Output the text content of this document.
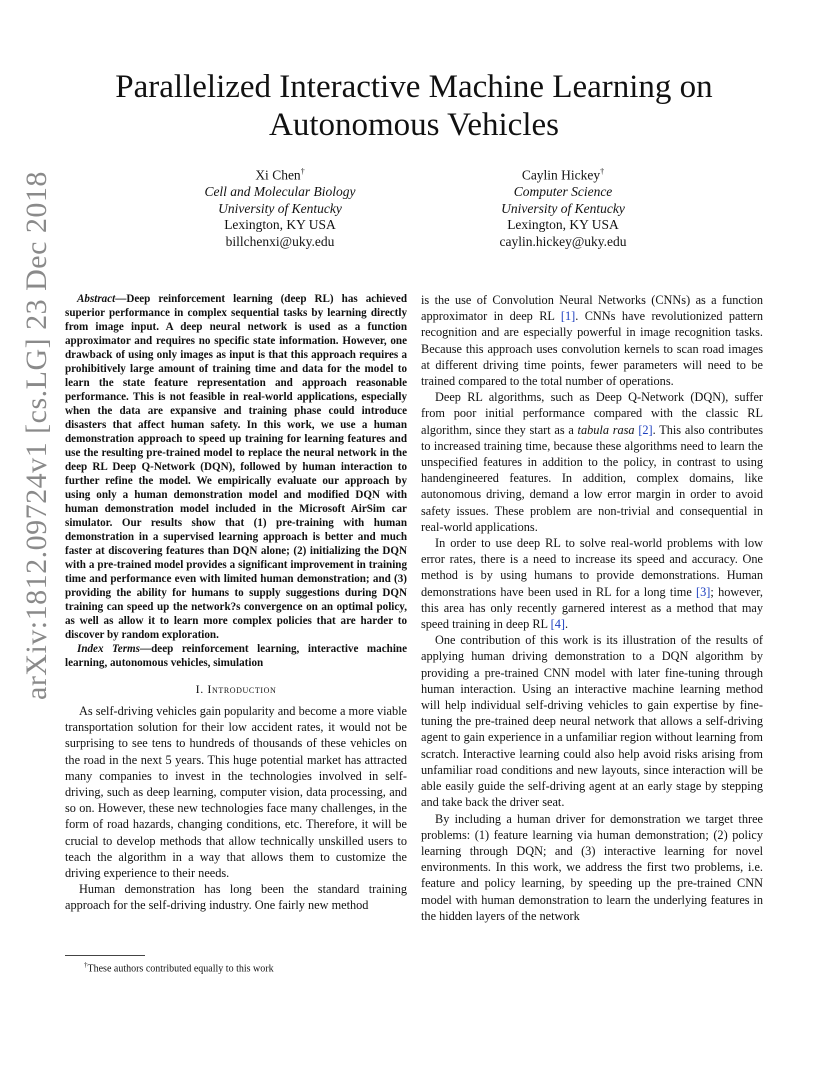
arXiv:1812.09724v1 [cs.LG] 23 Dec 2018
Parallelized Interactive Machine Learning on
Autonomous Vehicles
Xi Chen†
Cell and Molecular Biology
University of Kentucky
Lexington, KY USA
billchenxi@uky.edu
Caylin Hickey†
Computer Science
University of Kentucky
Lexington, KY USA
caylin.hickey@uky.edu

Abstract—Deep reinforcement learning (deep RL) has achieved superior performance in complex sequential tasks by learning directly from image input. A deep neural network is used as a function approximator and requires no specific state information. However, one drawback of using only images as input is that this approach requires a prohibitively large amount of training time and data for the model to learn the state feature representation and approach reasonable performance. This is not feasible in real-world applications, especially when the data are expansive and training phase could introduce disasters that affect human safety. In this work, we use a human demonstration approach to speed up training for learning features and use the resulting pre-trained model to replace the neural network in the deep RL Deep Q-Network (DQN), followed by human interaction to further refine the model. We empirically evaluate our approach by using only a human demonstration model and modified DQN with human demonstration model included in the Microsoft AirSim car simulator. Our results show that (1) pre-training with human demonstration in a supervised learning approach is better and much faster at discovering features than DQN alone; (2) initializing the DQN with a pre-trained model provides a significant improvement in training time and performance even with limited human demonstration; and (3) providing the ability for humans to supply suggestions during DQN training can speed up the network?s convergence on an optimal policy, as well as allow it to learn more complex policies that are harder to discover by random exploration.

Index Terms—deep reinforcement learning, interactive machine learning, autonomous vehicles, simulation

I. Introduction

As self-driving vehicles gain popularity and become a more viable transportation solution for their low accident rates, it would not be surprising to see tens to hundreds of thousands of these vehicles on the road in the next 5 years. This huge potential market has attracted many companies to invest in the technologies involved in self-driving, such as deep learning, computer vision, data processing, and so on. However, these new technologies face many challenges, in the form of road hazards, changing conditions, etc. Therefore, it will be crucial to develop methods that allow technically unskilled users to teach the algorithm in a way that allows them to customize the driving experience to their needs.

Human demonstration has long been the standard training approach for the self-driving industry. One fairly new method

is the use of Convolution Neural Networks (CNNs) as a function approximator in deep RL [1]. CNNs have revolutionized pattern recognition and are especially powerful in image recognition tasks. Because this approach uses convolution kernels to scan road images at different driving time points, fewer parameters will need to be trained compared to the total number of operations.

Deep RL algorithms, such as Deep Q-Network (DQN), suffer from poor initial performance compared with the classic RL algorithm, since they start as a tabula rasa [2]. This also contributes to increased training time, because these algorithms need to learn the unspecified features in addition to the policy, in contrast to using handengineered features. In addition, complex domains, like autonomous driving, demand a low error margin in order to avoid safety issues. These problem are non-trivial and consequential in real-world applications.

In order to use deep RL to solve real-world problems with low error rates, there is a need to increase its speed and accuracy. One method is by using humans to provide demonstrations. Human demonstrations have been used in RL for a long time [3]; however, this area has only recently garnered interest as a method that may speed training in deep RL [4].

One contribution of this work is its illustration of the results of applying human driving demonstration to a DQN algorithm by providing a pre-trained CNN model with later fine-tuning through human interaction. Using an interactive machine learning method will help individual self-driving vehicles to gain expertise by fine-tuning the pre-trained deep neural network that allows a self-driving agent to gain experience in a unfamiliar region without learning from scratch. Interactive learning could also help avoid risks arising from unfamiliar road conditions and new layouts, since interaction will be able easily guide the self-driving agent at an early stage by stepping and take back the driver seat.

By including a human driver for demonstration we target three problems: (1) feature learning via human demonstration; (2) policy learning through DQN; and (3) interactive learning for novel environments. In this work, we address the first two problems, i.e. feature and policy learning, by speeding up the pre-trained CNN model with human demonstration to learn the underlying features in the hidden layers of the network

†These authors contributed equally to this work
